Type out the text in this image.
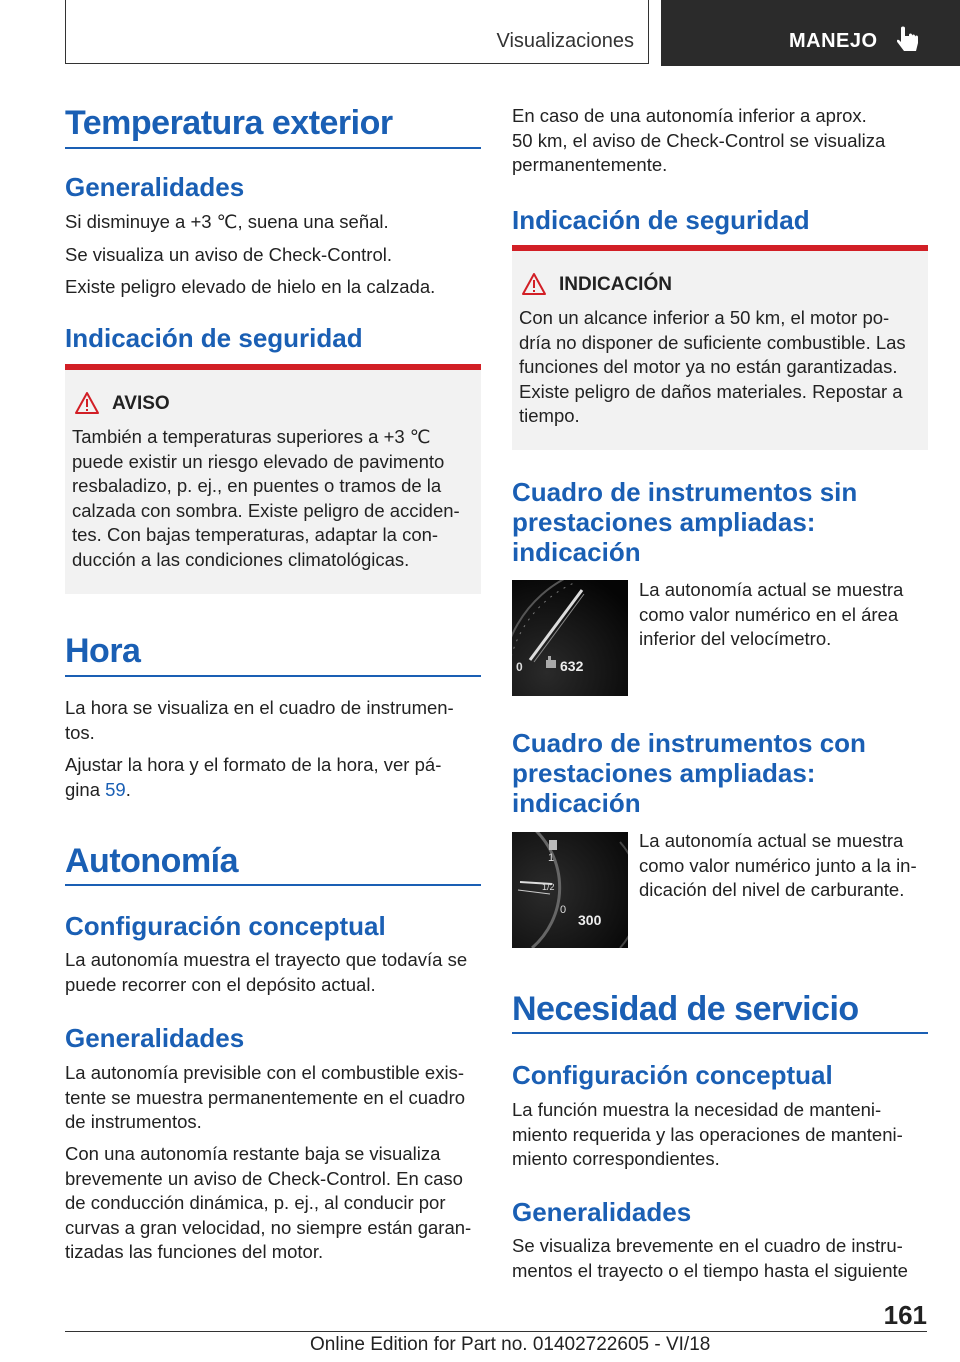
Visualizaciones	MANEJO
Temperatura exterior
Generalidades

Si disminuye a +3 ℃, suena una señal.

Se visualiza un aviso de Check-Control.

Existe peligro elevado de hielo en la calzada.

Indicación de seguridad
AVISO

También a temperaturas superiores a +3 ℃
puede existir un riesgo elevado de pavimento
resbaladizo, p. ej., en puentes o tramos de la
calzada con sombra. Existe peligro de acciden-
tes. Con bajas temperaturas, adaptar la con-
ducción a las condiciones climatológicas.

Hora

La hora se visualiza en el cuadro de instrumen-
tos.

Ajustar la hora y el formato de la hora, ver pá-
gina 59.

Autonomía
Configuración conceptual

La autonomía muestra el trayecto que todavía se
puede recorrer con el depósito actual.

Generalidades

La autonomía previsible con el combustible exis-
tente se muestra permanentemente en el cuadro
de instrumentos.

Con una autonomía restante baja se visualiza
brevemente un aviso de Check-Control. En caso
de conducción dinámica, p. ej., al conducir por
curvas a gran velocidad, no siempre están garan-
tizadas las funciones del motor.

En caso de una autonomía inferior a aprox.
50 km, el aviso de Check-Control se visualiza
permanentemente.

Indicación de seguridad
INDICACIÓN

Con un alcance inferior a 50 km, el motor po-
dría no disponer de suficiente combustible. Las
funciones del motor ya no están garantizadas.
Existe peligro de daños materiales. Repostar a
tiempo.

Cuadro de instrumentos sin
prestaciones ampliadas:
indicación
0	632

La autonomía actual se muestra
como valor numérico en el área
inferior del velocímetro.

Cuadro de instrumentos con
prestaciones ampliadas:
indicación
1
1/2
0
300

La autonomía actual se muestra
como valor numérico junto a la in-
dicación del nivel de carburante.

Necesidad de servicio
Configuración conceptual

La función muestra la necesidad de manteni-
miento requerida y las operaciones de manteni-
miento correspondientes.

Generalidades

Se visualiza brevemente en el cuadro de instru-
mentos el trayecto o el tiempo hasta el siguiente

161
Online Edition for Part no. 01402722605 - VI/18
